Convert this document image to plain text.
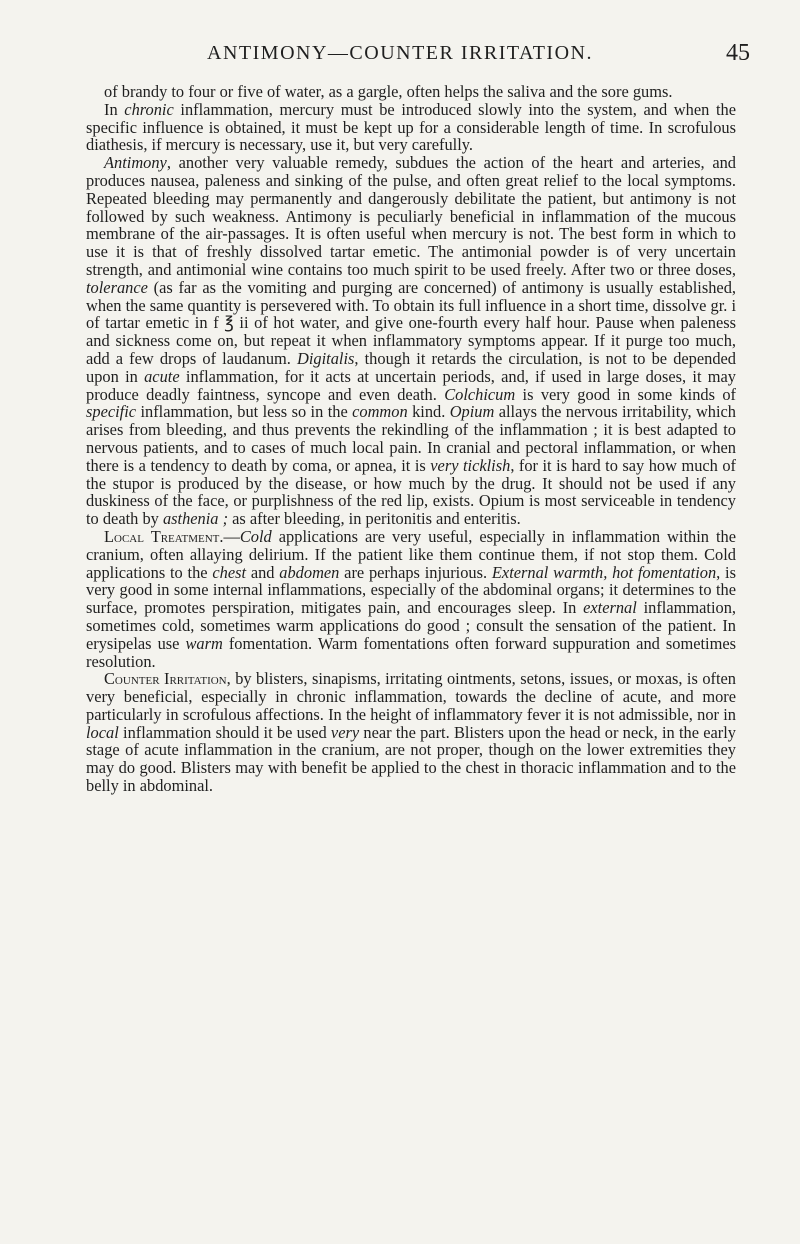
ANTIMONY—COUNTER IRRITATION.	45

of brandy to four or five of water, as a gargle, often helps the saliva and the sore gums.

In chronic inflammation, mercury must be introduced slowly into the system, and when the specific influence is obtained, it must be kept up for a considerable length of time. In scrofulous diathesis, if mercury is necessary, use it, but very carefully.

Antimony, another very valuable remedy, subdues the action of the heart and arteries, and produces nausea, paleness and sinking of the pulse, and often great relief to the local symptoms. Repeated bleeding may permanently and dangerously debilitate the patient, but antimony is not followed by such weakness. Antimony is peculiarly beneficial in inflammation of the mucous membrane of the air-passages. It is often useful when mercury is not. The best form in which to use it is that of freshly dissolved tartar emetic. The antimonial powder is of very uncertain strength, and antimonial wine contains too much spirit to be used freely. After two or three doses, tolerance (as far as the vomiting and purging are concerned) of antimony is usually established, when the same quantity is persevered with. To obtain its full influence in a short time, dissolve gr. i of tartar emetic in f ℥ ii of hot water, and give one-fourth every half hour. Pause when paleness and sickness come on, but repeat it when inflammatory symptoms appear. If it purge too much, add a few drops of laudanum. Digitalis, though it retards the circulation, is not to be depended upon in acute inflammation, for it acts at uncertain periods, and, if used in large doses, it may produce deadly faintness, syncope and even death. Colchicum is very good in some kinds of specific inflammation, but less so in the common kind. Opium allays the nervous irritability, which arises from bleeding, and thus prevents the rekindling of the inflammation ; it is best adapted to nervous patients, and to cases of much local pain. In cranial and pectoral inflammation, or when there is a tendency to death by coma, or apnea, it is very ticklish, for it is hard to say how much of the stupor is produced by the disease, or how much by the drug. It should not be used if any duskiness of the face, or purplishness of the red lip, exists. Opium is most serviceable in tendency to death by asthenia ; as after bleeding, in peritonitis and enteritis.

Local Treatment.—Cold applications are very useful, especially in inflammation within the cranium, often allaying delirium. If the patient like them continue them, if not stop them. Cold applications to the chest and abdomen are perhaps injurious. External warmth, hot fomentation, is very good in some internal inflammations, especially of the abdominal organs; it determines to the surface, promotes perspiration, mitigates pain, and encourages sleep. In external inflammation, sometimes cold, sometimes warm applications do good ; consult the sensation of the patient. In erysipelas use warm fomentation. Warm fomentations often forward suppuration and sometimes resolution.

Counter Irritation, by blisters, sinapisms, irritating ointments, setons, issues, or moxas, is often very beneficial, especially in chronic inflammation, towards the decline of acute, and more particularly in scrofulous affections. In the height of inflammatory fever it is not admissible, nor in local inflammation should it be used very near the part. Blisters upon the head or neck, in the early stage of acute inflammation in the cranium, are not proper, though on the lower extremities they may do good. Blisters may with benefit be applied to the chest in thoracic inflammation and to the belly in abdominal.
